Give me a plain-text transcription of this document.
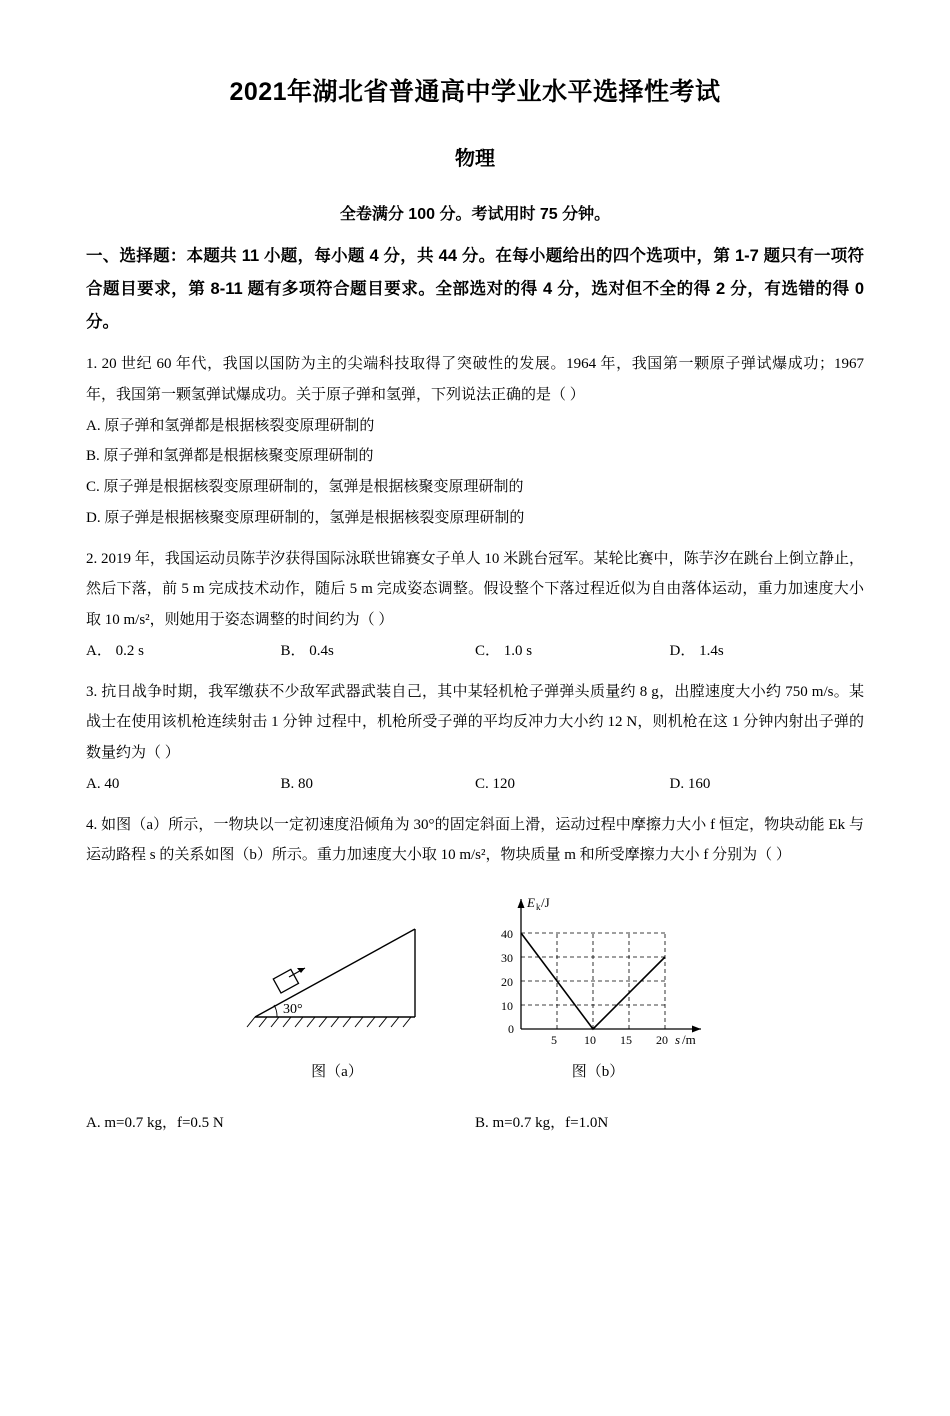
2021年湖北省普通高中学业水平选择性考试
物理
全卷满分 100 分。考试用时 75 分钟。
一、选择题：本题共 11 小题，每小题 4 分，共 44 分。在每小题给出的四个选项中，第 1-7 题只有一项符合题目要求，第 8-11 题有多项符合题目要求。全部选对的得 4 分，选对但不全的得 2 分，有选错的得 0 分。
1. 20 世纪 60 年代，我国以国防为主的尖端科技取得了突破性的发展。1964 年，我国第一颗原子弹试爆成功；1967 年，我国第一颗氢弹试爆成功。关于原子弹和氢弹，下列说法正确的是（ ）
A. 原子弹和氢弹都是根据核裂变原理研制的
B. 原子弹和氢弹都是根据核聚变原理研制的
C. 原子弹是根据核裂变原理研制的，氢弹是根据核聚变原理研制的
D. 原子弹是根据核聚变原理研制的，氢弹是根据核裂变原理研制的
2. 2019 年，我国运动员陈芋汐获得国际泳联世锦赛女子单人 10 米跳台冠军。某轮比赛中，陈芋汐在跳台上倒立静止，然后下落，前 5 m 完成技术动作，随后 5 m 完成姿态调整。假设整个下落过程近似为自由落体运动，重力加速度大小取 10 m/s²，则她用于姿态调整的时间约为（ ）
A． 0.2 s	B． 0.4s	C． 1.0 s	D． 1.4s
3. 抗日战争时期，我军缴获不少敌军武器武装自己，其中某轻机枪子弹弹头质量约 8 g，出膛速度大小约 750 m/s。某战士在使用该机枪连续射击 1 分钟 过程中，机枪所受子弹的平均反冲力大小约 12 N，则机枪在这 1 分钟内射出子弹的数量约为（ ）
A. 40	B. 80	C. 120	D. 160
4. 如图（a）所示，一物块以一定初速度沿倾角为 30°的固定斜面上滑，运动过程中摩擦力大小 f 恒定，物块动能 Ek 与运动路程 s 的关系如图（b）所示。重力加速度大小取 10 m/s²，物块质量 m 和所受摩擦力大小 f 分别为（ ）
30°
图（a）
40
30
20
10
0
5 10 15 20
E k /J
s /m
图（b）
A. m=0.7 kg，f=0.5 N	B. m=0.7 kg，f=1.0N
